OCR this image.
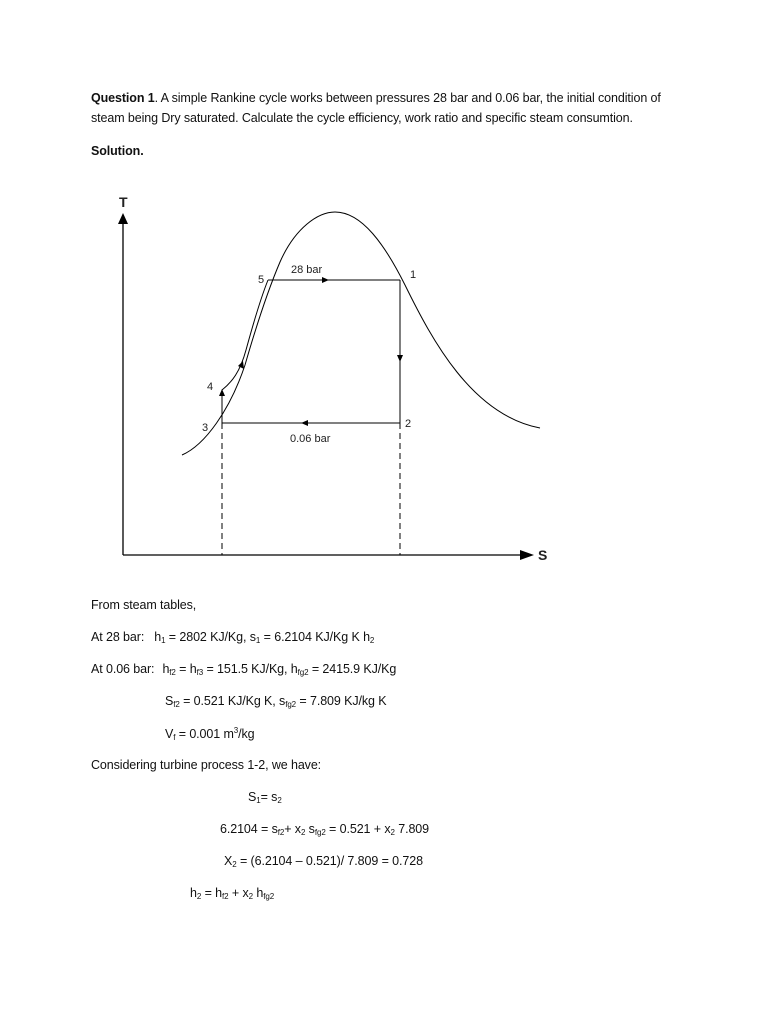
Question 1. A simple Rankine cycle works between pressures 28 bar and 0.06 bar, the initial condition of
steam being Dry saturated. Calculate the cycle efficiency, work ratio and specific steam consumtion.
Solution.
T
S
28 bar
0.06 bar
1
2
3
4
5
From steam tables,
At 28 bar: $h_1 = 2802$ KJ/Kg, $s_1 = 6.2104$ KJ/Kg K $h_2$
At 0.06 bar: $h_{f2} = h_{f3} = 151.5$ KJ/Kg, $h_{fg2} = 2415.9$ KJ/Kg
$S_{f2} = 0.521$ KJ/Kg K, $s_{fg2} = 7.809$ KJ/kg K
$V_f = 0.001$ $m^3/kg$
Considering turbine process 1-2, we have:
$S_1= s_2$
$6.2104 = s_{f2}+ x_2$ $s_{fg2} = 0.521 + x_2$ 7.809
$X_2 = (6.2104 - 0.521)/$ 7.809 = 0.728
$h_2 = h_{f2} + x_2$ $h_{fg2}$
